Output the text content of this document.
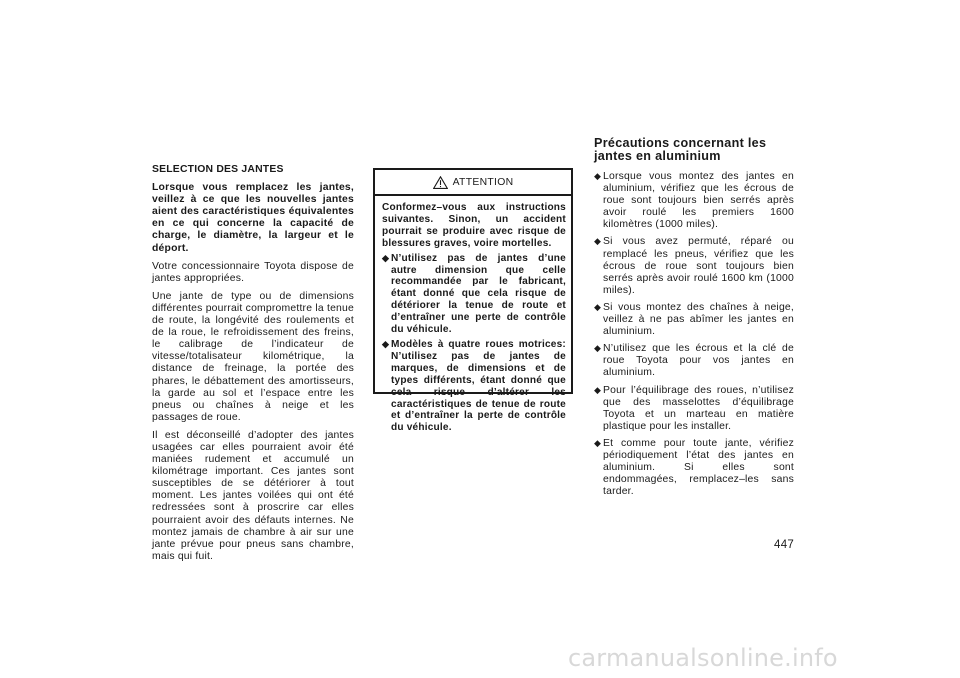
SELECTION DES JANTES

Lorsque vous remplacez les jantes, veillez à ce que les nouvelles jantes aient des caractéristiques équivalentes en ce qui concerne la capacité de charge, le diamètre, la largeur et le déport.

Votre concessionnaire Toyota dispose de jantes appropriées.

Une jante de type ou de dimensions différentes pourrait compromettre la tenue de route, la longévité des roulements et de la roue, le refroidissement des freins, le calibrage de l’indicateur de vitesse/totalisateur kilométrique, la distance de freinage, la portée des phares, le débattement des amortisseurs, la garde au sol et l’espace entre les pneus ou chaînes à neige et les passages de roue.

Il est déconseillé d’adopter des jantes usagées car elles pourraient avoir été maniées rudement et accumulé un kilométrage important. Ces jantes sont susceptibles de se détériorer à tout moment. Les jantes voilées qui ont été redressées sont à proscrire car elles pourraient avoir des défauts internes. Ne montez jamais de chambre à air sur une jante prévue pour pneus sans chambre, mais qui fuit.

ATTENTION

Conformez–vous aux instructions suivantes. Sinon, un accident pourrait se produire avec risque de blessures graves, voire mortelles.

◆ N’utilisez pas de jantes d’une autre dimension que celle recommandée par le fabricant, étant donné que cela risque de détériorer la tenue de route et d’entraîner une perte de contrôle du véhicule.
◆ Modèles à quatre roues motrices: N’utilisez pas de jantes de marques, de dimensions et de types différents, étant donné que cela risque d’altérer les caractéristiques de tenue de route et d’entraîner la perte de contrôle du véhicule.
Précautions concernant les
jantes en aluminium
◆ Lorsque vous montez des jantes en aluminium, vérifiez que les écrous de roue sont toujours bien serrés après avoir roulé les premiers 1600 kilomètres (1000 miles).
◆ Si vous avez permuté, réparé ou remplacé les pneus, vérifiez que les écrous de roue sont toujours bien serrés après avoir roulé 1600 km (1000 miles).
◆ Si vous montez des chaînes à neige, veillez à ne pas abîmer les jantes en aluminium.
◆ N’utilisez que les écrous et la clé de roue Toyota pour vos jantes en aluminium.
◆ Pour l’équilibrage des roues, n’utilisez que des masselottes d’équilibrage Toyota et un marteau en matière plastique pour les installer.
◆ Et comme pour toute jante, vérifiez périodiquement l’état des jantes en aluminium. Si elles sont endommagées, remplacez–les sans tarder.
447
carmanualsonline.info
